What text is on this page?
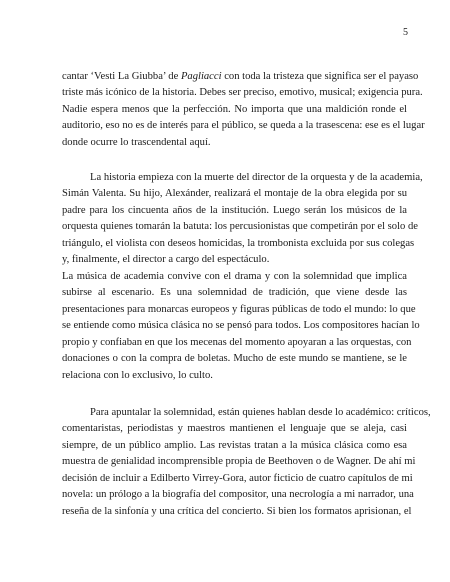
5

cantar ‘Vesti La Giubba’ de Pagliacci con toda la tristeza que significa ser el payaso
triste más icónico de la historia. Debes ser preciso, emotivo, musical; exigencia pura.
Nadie espera menos que la perfección. No importa que una maldición ronde el
auditorio, eso no es de interés para el público, se queda a la trasescena: ese es el lugar
donde ocurre lo trascendental aquí.

La historia empieza con la muerte del director de la orquesta y de la academia,
Simán Valenta. Su hijo, Alexánder, realizará el montaje de la obra elegida por su
padre para los cincuenta años de la institución. Luego serán los músicos de la
orquesta quienes tomarán la batuta: los percusionistas que competirán por el solo de
triángulo, el violista con deseos homicidas, la trombonista excluida por sus colegas
y, finalmente, el director a cargo del espectáculo.

La música de academia convive con el drama y con la solemnidad que implica
subirse al escenario. Es una solemnidad de tradición, que viene desde las
presentaciones para monarcas europeos y figuras públicas de todo el mundo: lo que
se entiende como música clásica no se pensó para todos. Los compositores hacían lo
propio y confiaban en que los mecenas del momento apoyaran a las orquestas, con
donaciones o con la compra de boletas. Mucho de este mundo se mantiene, se le
relaciona con lo exclusivo, lo culto.

Para apuntalar la solemnidad, están quienes hablan desde lo académico: críticos,
comentaristas, periodistas y maestros mantienen el lenguaje que se aleja, casi
siempre, de un público amplio. Las revistas tratan a la música clásica como esa
muestra de genialidad incomprensible propia de Beethoven o de Wagner. De ahí mi
decisión de incluir a Edilberto Virrey-Gora, autor ficticio de cuatro capítulos de mi
novela: un prólogo a la biografía del compositor, una necrología a mi narrador, una
reseña de la sinfonía y una crítica del concierto. Si bien los formatos aprisionan, el
